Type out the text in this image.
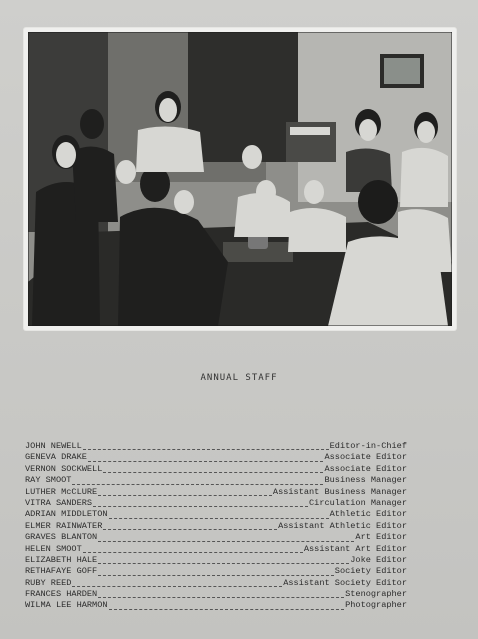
ANNUAL STAFF
JOHN NEWELL	Editor-in-Chief
GENEVA DRAKE	Associate Editor
VERNON SOCKWELL	Associate Editor
RAY SMOOT	Business Manager
LUTHER McCLURE	Assistant Business Manager
VITRA SANDERS	Circulation Manager
ADRIAN MIDDLETON	Athletic Editor
ELMER RAINWATER	Assistant Athletic Editor
GRAVES BLANTON	Art Editor
HELEN SMOOT	Assistant Art Editor
ELIZABETH HALE	Joke Editor
RETHAFAYE GOFF	Society Editor
RUBY REED	Assistant Society Editor
FRANCES HARDEN	Stenographer
WILMA LEE HARMON	Photographer
